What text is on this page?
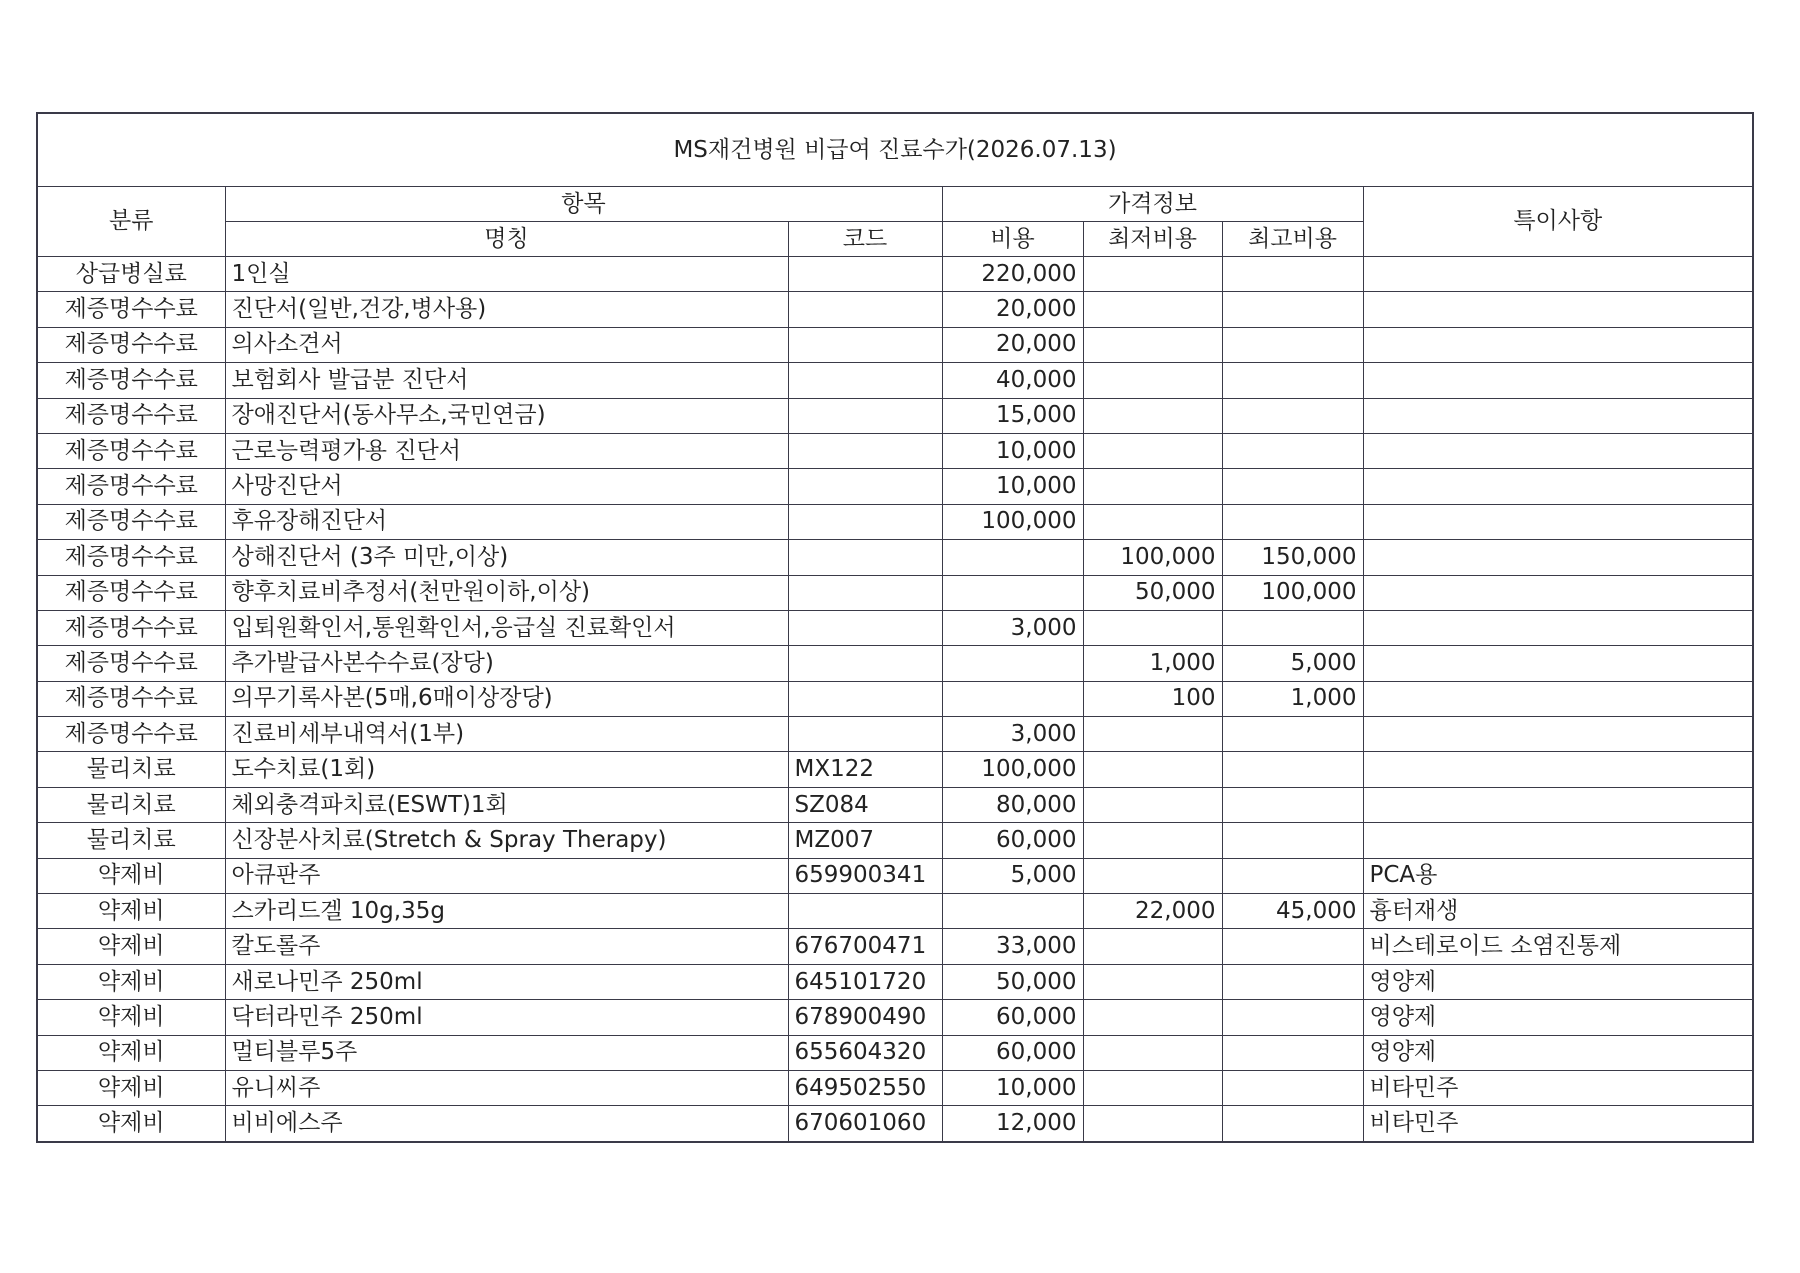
MS재건병원 비급여 진료수가(2026.07.13)						
분류	항목		가격정보			특이사항
	명칭	코드	비용	최저비용	최고비용	
상급병실료	1인실		220,000			
제증명수수료	진단서(일반,건강,병사용)		20,000			
제증명수수료	의사소견서		20,000			
제증명수수료	보험회사 발급분 진단서		40,000			
제증명수수료	장애진단서(동사무소,국민연금)		15,000			
제증명수수료	근로능력평가용 진단서		10,000			
제증명수수료	사망진단서		10,000			
제증명수수료	후유장해진단서		100,000			
제증명수수료	상해진단서 (3주 미만,이상)			100,000	150,000	
제증명수수료	향후치료비추정서(천만원이하,이상)			50,000	100,000	
제증명수수료	입퇴원확인서,통원확인서,응급실 진료확인서		3,000			
제증명수수료	추가발급사본수수료(장당)			1,000	5,000	
제증명수수료	의무기록사본(5매,6매이상장당)			100	1,000	
제증명수수료	진료비세부내역서(1부)		3,000			
물리치료	도수치료(1회)	MX122	100,000			
물리치료	체외충격파치료(ESWT)1회	SZ084	80,000			
물리치료	신장분사치료(Stretch & Spray Therapy)	MZ007	60,000			
약제비	아큐판주	659900341	5,000			PCA용
약제비	스카리드겔 10g,35g			22,000	45,000	흉터재생
약제비	칼도롤주	676700471	33,000			비스테로이드 소염진통제
약제비	새로나민주 250ml	645101720	50,000			영양제
약제비	닥터라민주 250ml	678900490	60,000			영양제
약제비	멀티블루5주	655604320	60,000			영양제
약제비	유니씨주	649502550	10,000			비타민주
약제비	비비에스주	670601060	12,000			비타민주
